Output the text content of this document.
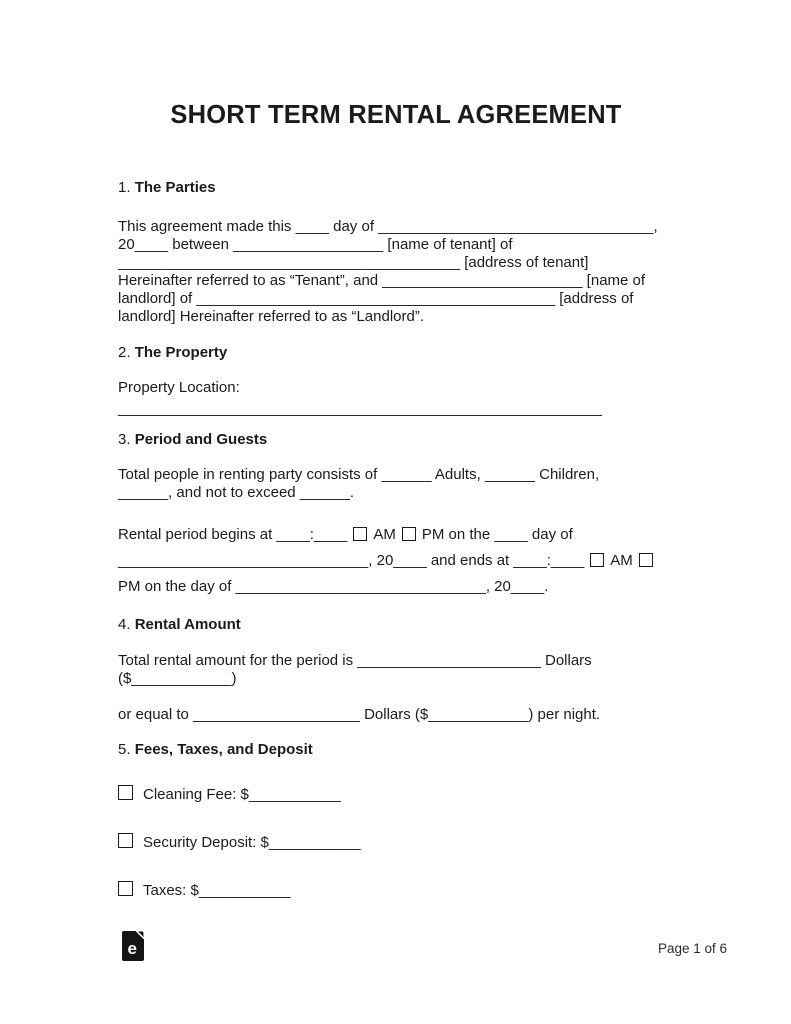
SHORT TERM RENTAL AGREEMENT
1. The Parties
This agreement made this ____ day of _________________________________,
20____ between __________________ [name of tenant] of
_________________________________________ [address of tenant]
Hereinafter referred to as “Tenant”, and ________________________ [name of
landlord] of ___________________________________________ [address of
landlord] Hereinafter referred to as “Landlord”.
2. The Property
Property Location:
__________________________________________________________
3. Period and Guests
Total people in renting party consists of ______ Adults, ______ Children,
______, and not to exceed ______.
Rental period begins at ____:____ AM PM on the ____ day of
______________________________, 20____ and ends at ____:____ AM
PM on the day of ______________________________, 20____.
4. Rental Amount
Total rental amount for the period is ______________________ Dollars
($____________)
or equal to ____________________ Dollars ($____________) per night.
5. Fees, Taxes, and Deposit
Cleaning Fee: $___________
Security Deposit: $___________
Taxes: $___________
e	Page 1 of 6
